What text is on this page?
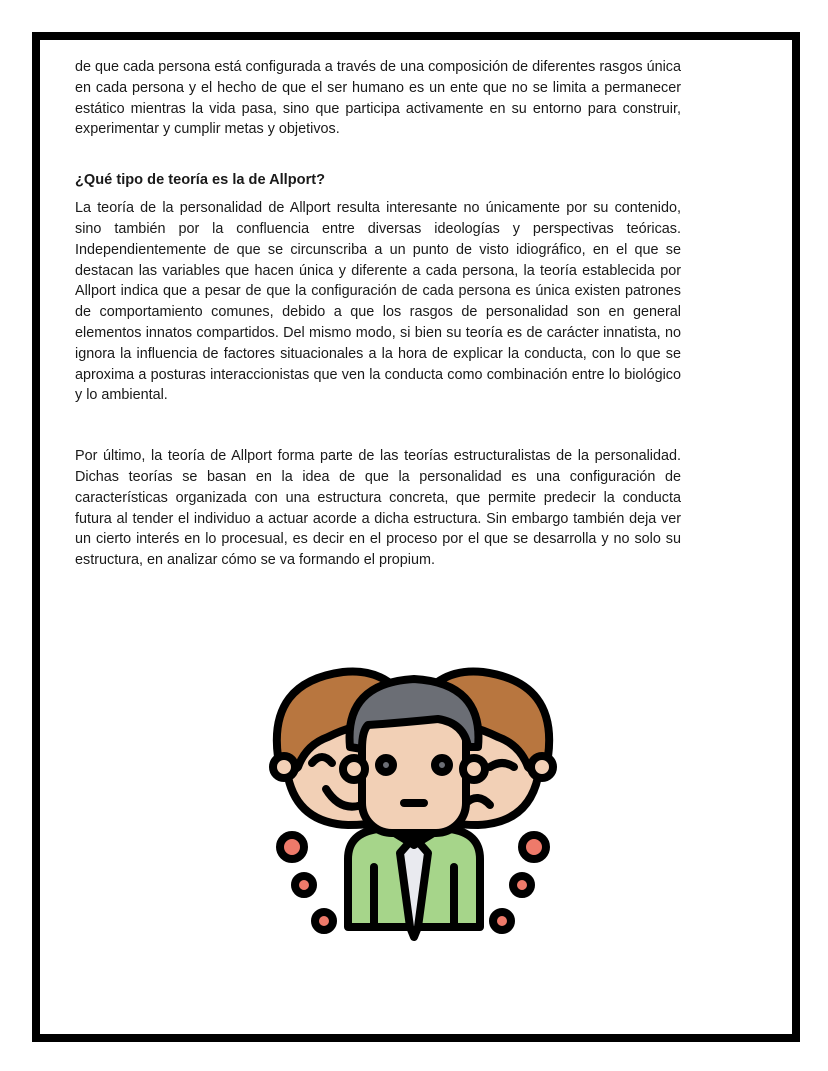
de que cada persona está configurada a través de una composición de diferentes rasgos única en cada persona y el hecho de que el ser humano es un ente que no se limita a permanecer estático mientras la vida pasa, sino que participa activamente en su entorno para construir, experimentar y cumplir metas y objetivos.

¿Qué tipo de teoría es la de Allport?

La teoría de la personalidad de Allport resulta interesante no únicamente por su contenido, sino también por la confluencia entre diversas ideologías y perspectivas teóricas. Independientemente de que se circunscriba a un punto de visto idiográfico, en el que se destacan las variables que hacen única y diferente a cada persona, la teoría establecida por Allport indica que a pesar de que la configuración de cada persona es única existen patrones de comportamiento comunes, debido a que los rasgos de personalidad son en general elementos innatos compartidos. Del mismo modo, si bien su teoría es de carácter innatista, no ignora la influencia de factores situacionales a la hora de explicar la conducta, con lo que se aproxima a posturas interaccionistas que ven la conducta como combinación entre lo biológico y lo ambiental.

Por último, la teoría de Allport forma parte de las teorías estructuralistas de la personalidad. Dichas teorías se basan en la idea de que la personalidad es una configuración de características organizada con una estructura concreta, que permite predecir la conducta futura al tender el individuo a actuar acorde a dicha estructura. Sin embargo también deja ver un cierto interés en lo procesual, es decir en el proceso por el que se desarrolla y no solo su estructura, en analizar cómo se va formando el propium.
